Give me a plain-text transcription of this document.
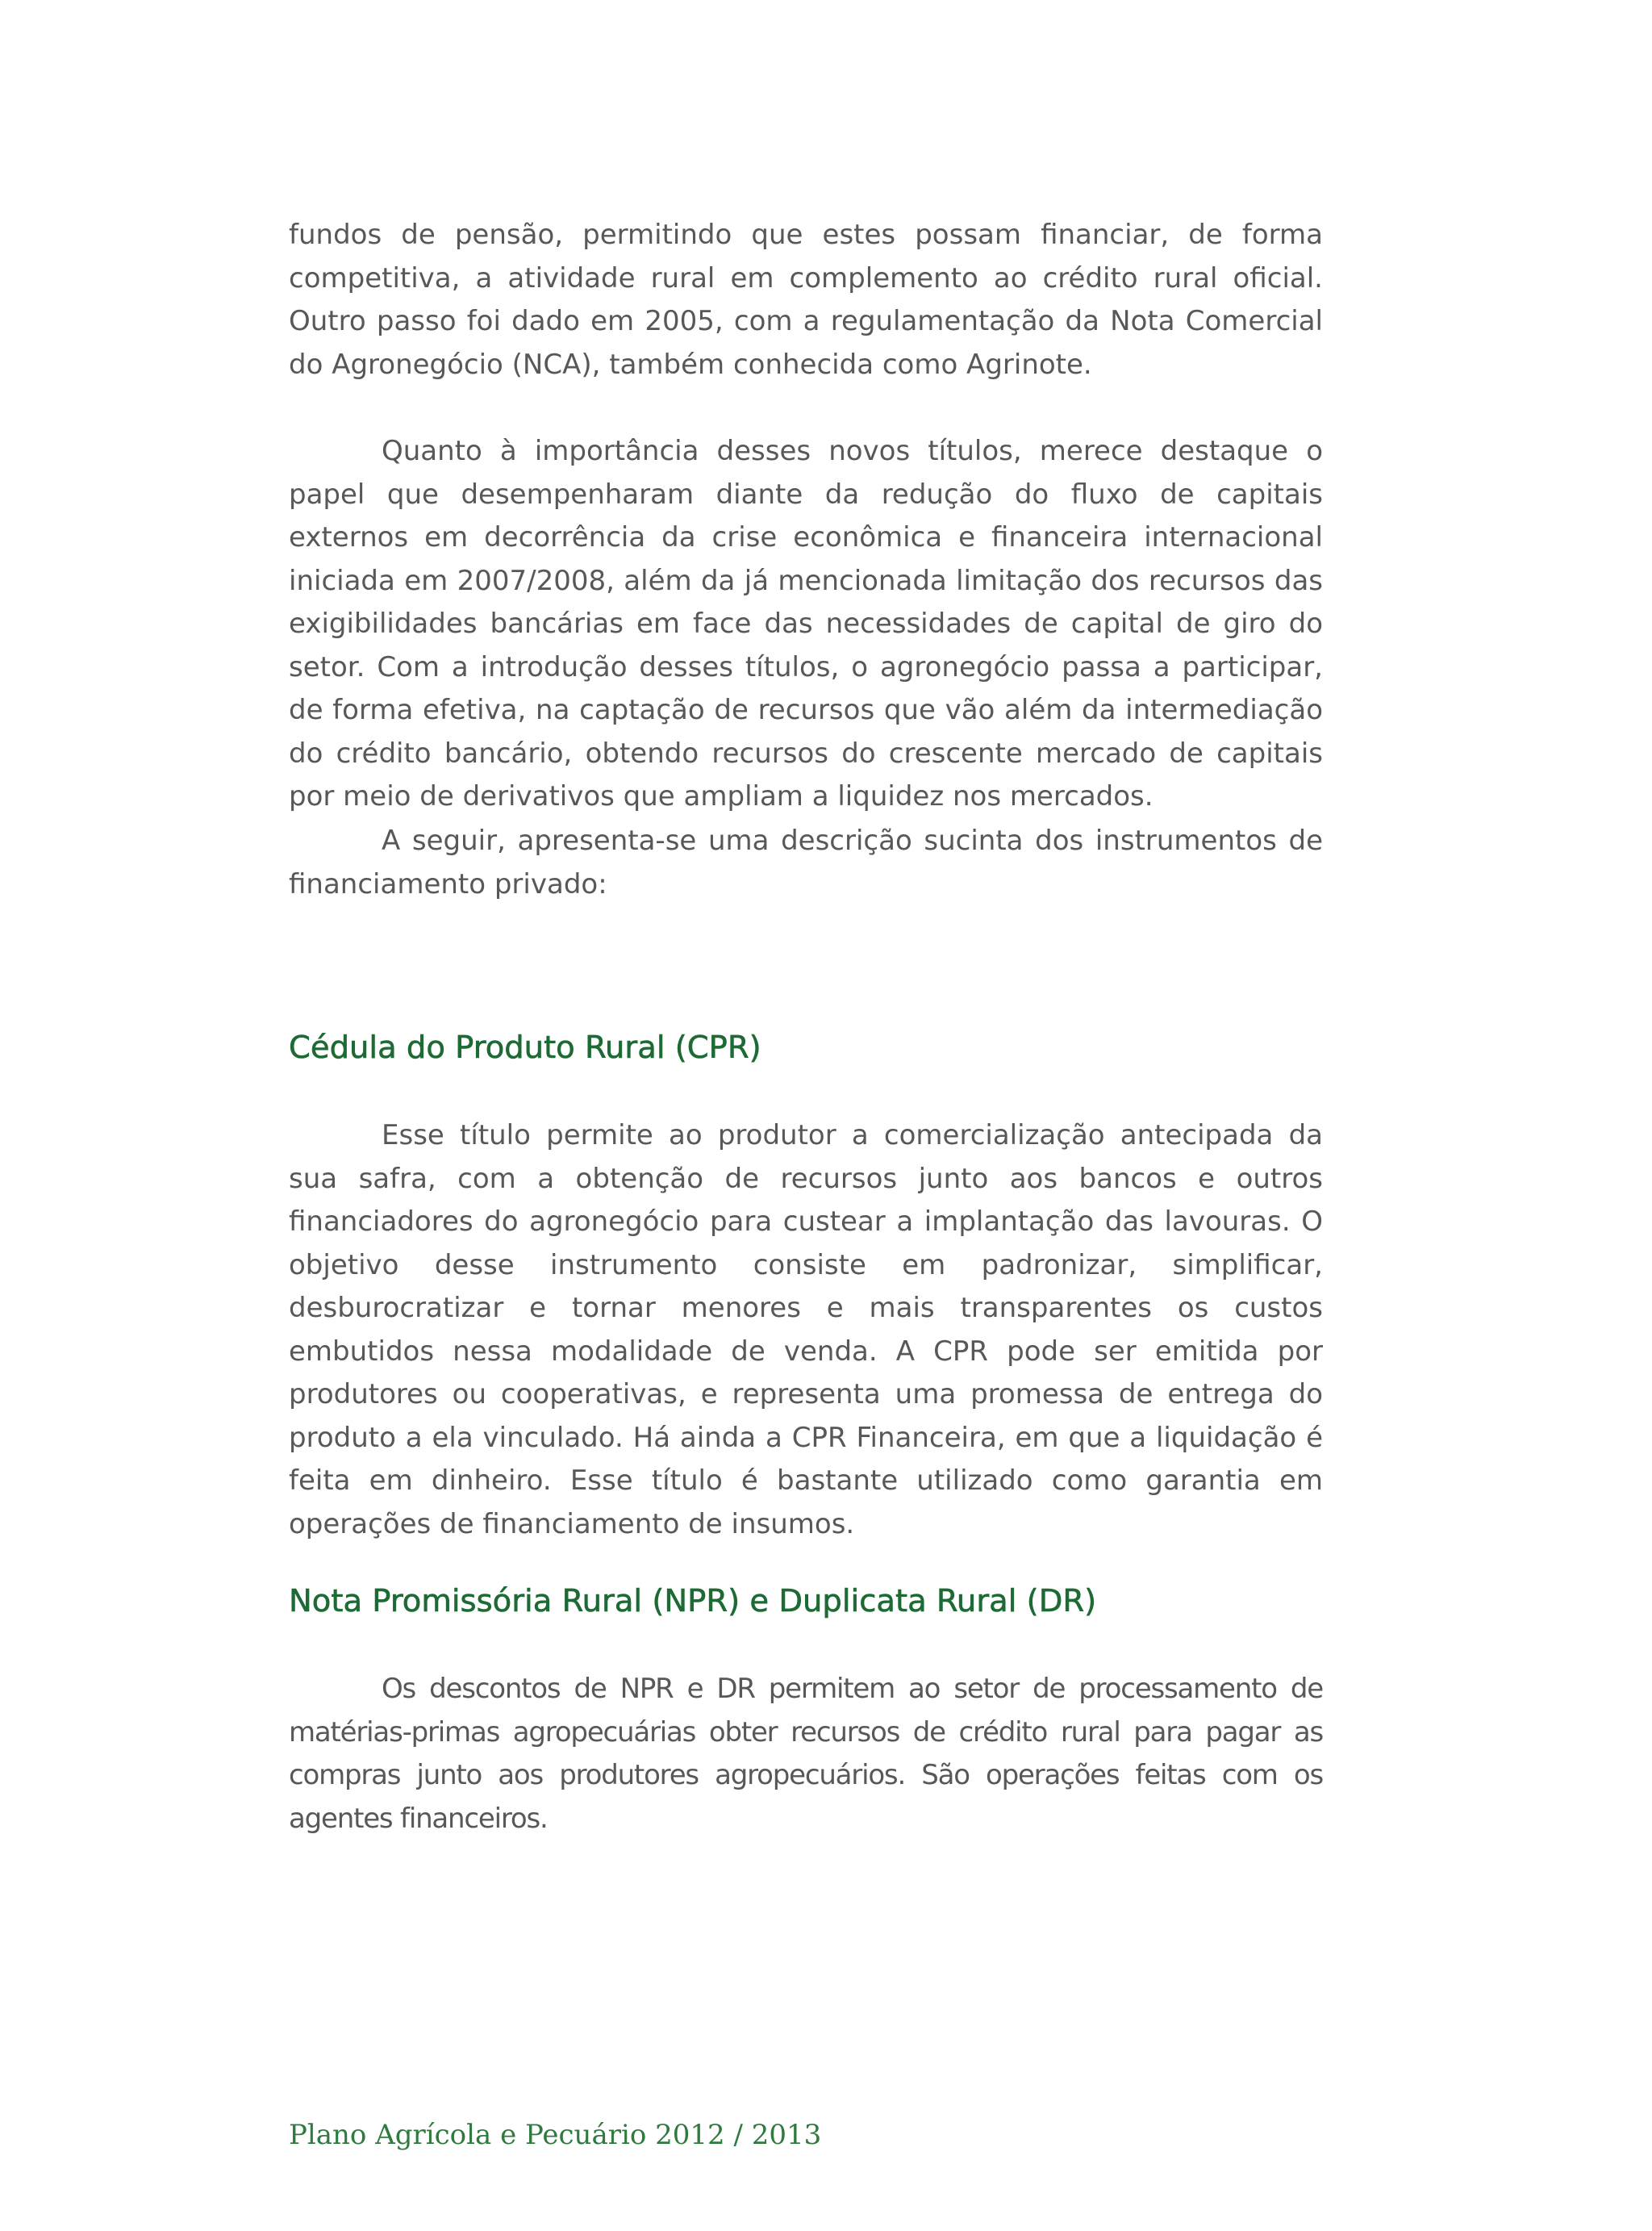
fundos de pensão, permitindo que estes possam financiar, de forma competitiva, a atividade rural em complemento ao crédito rural oficial. Outro passo foi dado em 2005, com a regulamentação da Nota Comercial do Agronegócio (NCA), também conhecida como Agrinote.

Quanto à importância desses novos títulos, merece destaque o papel que desempenharam diante da redução do fluxo de capitais externos em decorrência da crise econômica e financeira internacional iniciada em 2007/2008, além da já mencionada limitação dos recursos das exigibilidades bancárias em face das necessidades de capital de giro do setor. Com a introdução desses títulos, o agronegócio passa a participar, de forma efetiva, na captação de recursos que vão além da intermediação do crédito bancário, obtendo recursos do crescente mercado de capitais por meio de derivativos que ampliam a liquidez nos mercados.

A seguir, apresenta-se uma descrição sucinta dos instrumentos de financiamento privado:

Cédula do Produto Rural (CPR)

Esse título permite ao produtor a comercialização antecipada da sua safra, com a obtenção de recursos junto aos bancos e outros financiadores do agronegócio para custear a implantação das lavouras. O objetivo desse instrumento consiste em padronizar, simplificar, desburocratizar e tornar menores e mais transparentes os custos embutidos nessa modalidade de venda. A CPR pode ser emitida por produtores ou cooperativas, e representa uma promessa de entrega do produto a ela vinculado. Há ainda a CPR Financeira, em que a liquidação é feita em dinheiro. Esse título é bastante utilizado como garantia em operações de financiamento de insumos.

Nota Promissória Rural (NPR) e Duplicata Rural (DR)

Os descontos de NPR e DR permitem ao setor de processamento de matérias-primas agropecuárias obter recursos de crédito rural para pagar as compras junto aos produtores agropecuários. São operações feitas com os agentes financeiros.

Plano Agrícola e Pecuário 2012 / 2013
